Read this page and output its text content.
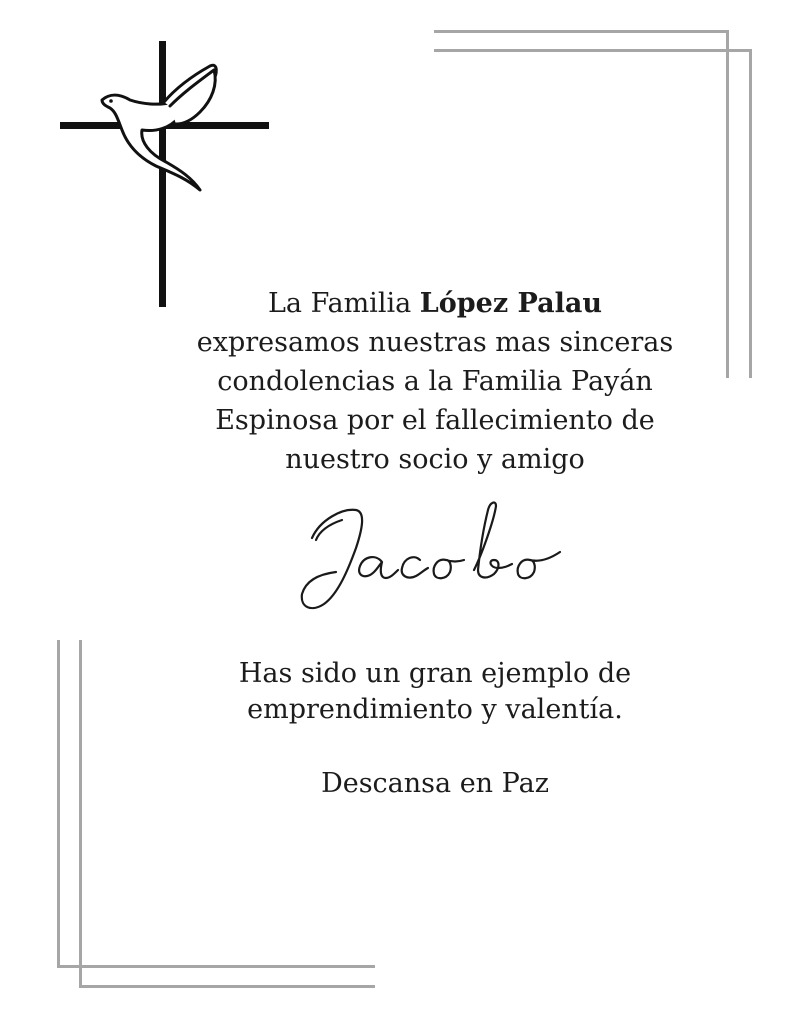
La Familia López Palau

expresamos nuestras mas sinceras

condolencias a la Familia Payán

Espinosa por el fallecimiento de

nuestro socio y amigo

Has sido un gran ejemplo de

emprendimiento y valentía.

Descansa en Paz
